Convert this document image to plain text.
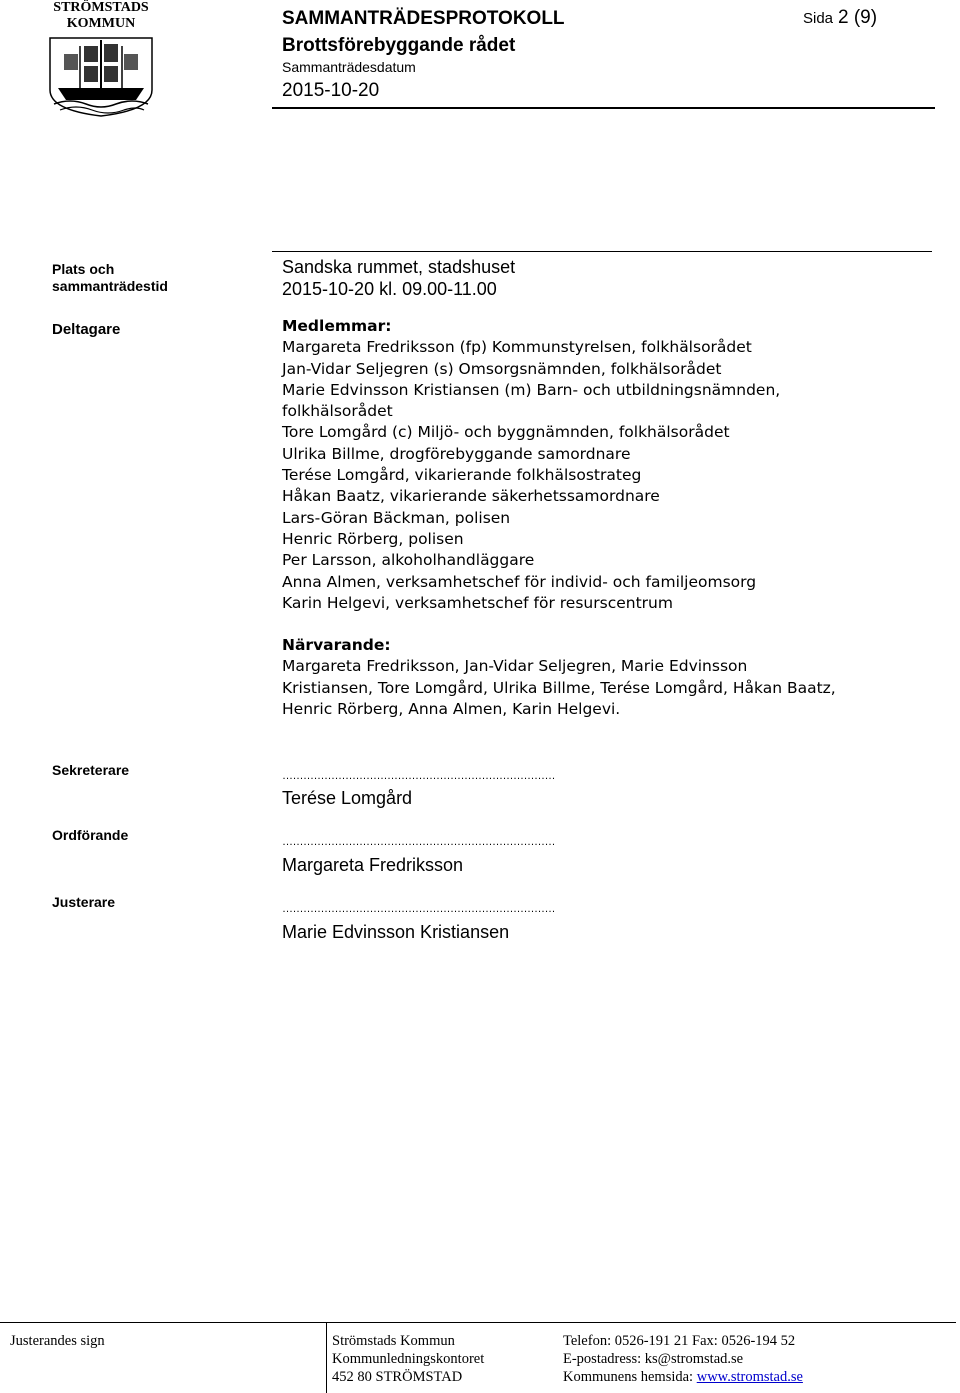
STRÖMSTADS
KOMMUN	SAMMANTRÄDESPROTOKOLL
Brottsförebyggande rådet
Sammanträdesdatum
2015-10-20
Sida 2 (9)
Plats och sammanträdestid
Sandska rummet, stadshuset
2015-10-20 kl. 09.00-11.00
Deltagare	Medlemmar:
Margareta Fredriksson (fp) Kommunstyrelsen, folkhälsorådet
Jan-Vidar Seljegren (s) Omsorgsnämnden, folkhälsorådet
Marie Edvinsson Kristiansen (m) Barn- och utbildningsnämnden,
folkhälsorådet
Tore Lomgård (c) Miljö- och byggnämnden, folkhälsorådet
Ulrika Billme, drogförebyggande samordnare
Terése Lomgård, vikarierande folkhälsostrateg
Håkan Baatz, vikarierande säkerhetssamordnare
Lars-Göran Bäckman, polisen
Henric Rörberg, polisen
Per Larsson, alkoholhandläggare
Anna Almen, verksamhetschef för individ- och familjeomsorg
Karin Helgevi, verksamhetschef för resurscentrum
Närvarande:
Margareta Fredriksson, Jan-Vidar Seljegren, Marie Edvinsson
Kristiansen, Tore Lomgård, Ulrika Billme, Terése Lomgård, Håkan Baatz,
Henric Rörberg, Anna Almen, Karin Helgevi.
Sekreterare	……………………………………………………………………
Terése Lomgård
Ordförande	……………………………………………………………………
Margareta Fredriksson
Justerare	……………………………………………………………………
Marie Edvinsson Kristiansen
Justerandes sign	Strömstads Kommun
Kommunledningskontoret
452 80 STRÖMSTAD
Telefon: 0526-191 21 Fax: 0526-194 52
E-postadress: ks@stromstad.se
Kommunens hemsida: www.stromstad.se
